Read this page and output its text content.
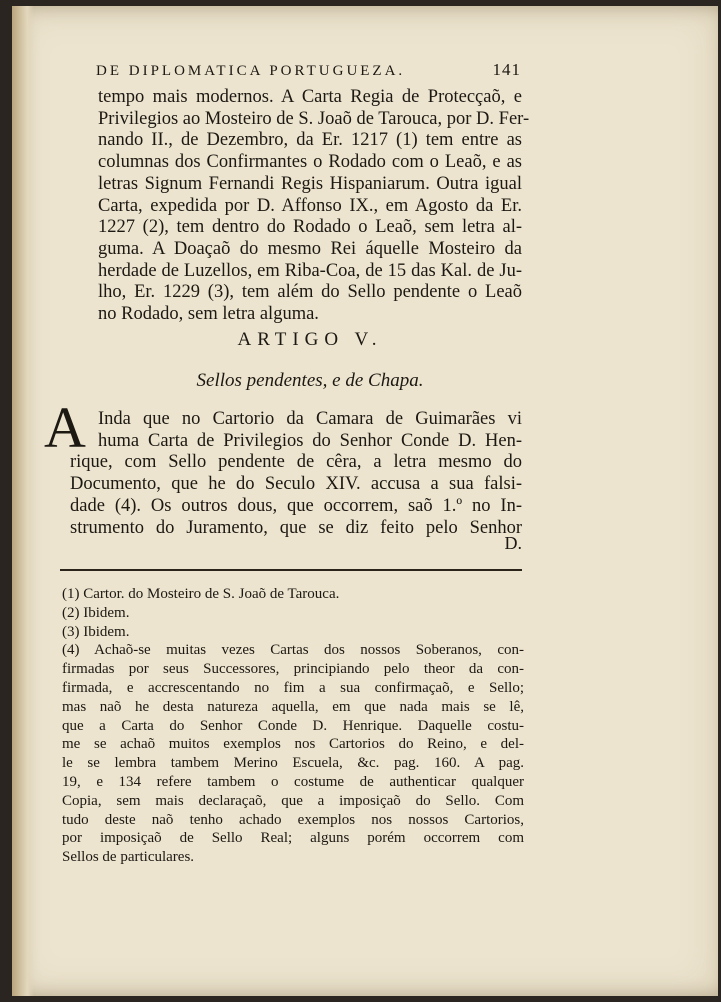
DE DIPLOMATICA PORTUGUEZA.	141
tempo mais modernos. A Carta Regia de Protecçaõ, e
Privilegios ao Mosteiro de S. Joaõ de Tarouca, por D. Fer-
nando II., de Dezembro, da Er. 1217 (1) tem entre as
columnas dos Confirmantes o Rodado com o Leaõ, e as
letras Signum Fernandi Regis Hispaniarum. Outra igual
Carta, expedida por D. Affonso IX., em Agosto da Er.
1227 (2), tem dentro do Rodado o Leaõ, sem letra al-
guma. A Doaçaõ do mesmo Rei áquelle Mosteiro da
herdade de Luzellos, em Riba-Coa, de 15 das Kal. de Ju-
lho, Er. 1229 (3), tem além do Sello pendente o Leaõ
no Rodado, sem letra alguma.
ARTIGO V.
Sellos pendentes, e de Chapa.
A Inda que no Cartorio da Camara de Guimarães vi
huma Carta de Privilegios do Senhor Conde D. Hen-
rique, com Sello pendente de cêra, a letra mesmo do
Documento, que he do Seculo XIV. accusa a sua falsi-
dade (4). Os outros dous, que occorrem, saõ 1.º no In-
strumento do Juramento, que se diz feito pelo Senhor
D.
(1) Cartor. do Mosteiro de S. Joaõ de Tarouca.
(2) Ibidem.
(3) Ibidem.
(4) Achaõ-se muitas vezes Cartas dos nossos Soberanos, con-
firmadas por seus Successores, principiando pelo theor da con-
firmada, e accrescentando no fim a sua confirmaçaõ, e Sello;
mas naõ he desta natureza aquella, em que nada mais se lê,
que a Carta do Senhor Conde D. Henrique. Daquelle costu-
me se achaõ muitos exemplos nos Cartorios do Reino, e del-
le se lembra tambem Merino Escuela, &c. pag. 160. A pag.
19, e 134 refere tambem o costume de authenticar qualquer
Copia, sem mais declaraçaõ, que a imposiçaõ do Sello. Com
tudo deste naõ tenho achado exemplos nos nossos Cartorios,
por imposiçaõ de Sello Real; alguns porém occorrem com
Sellos de particulares.
